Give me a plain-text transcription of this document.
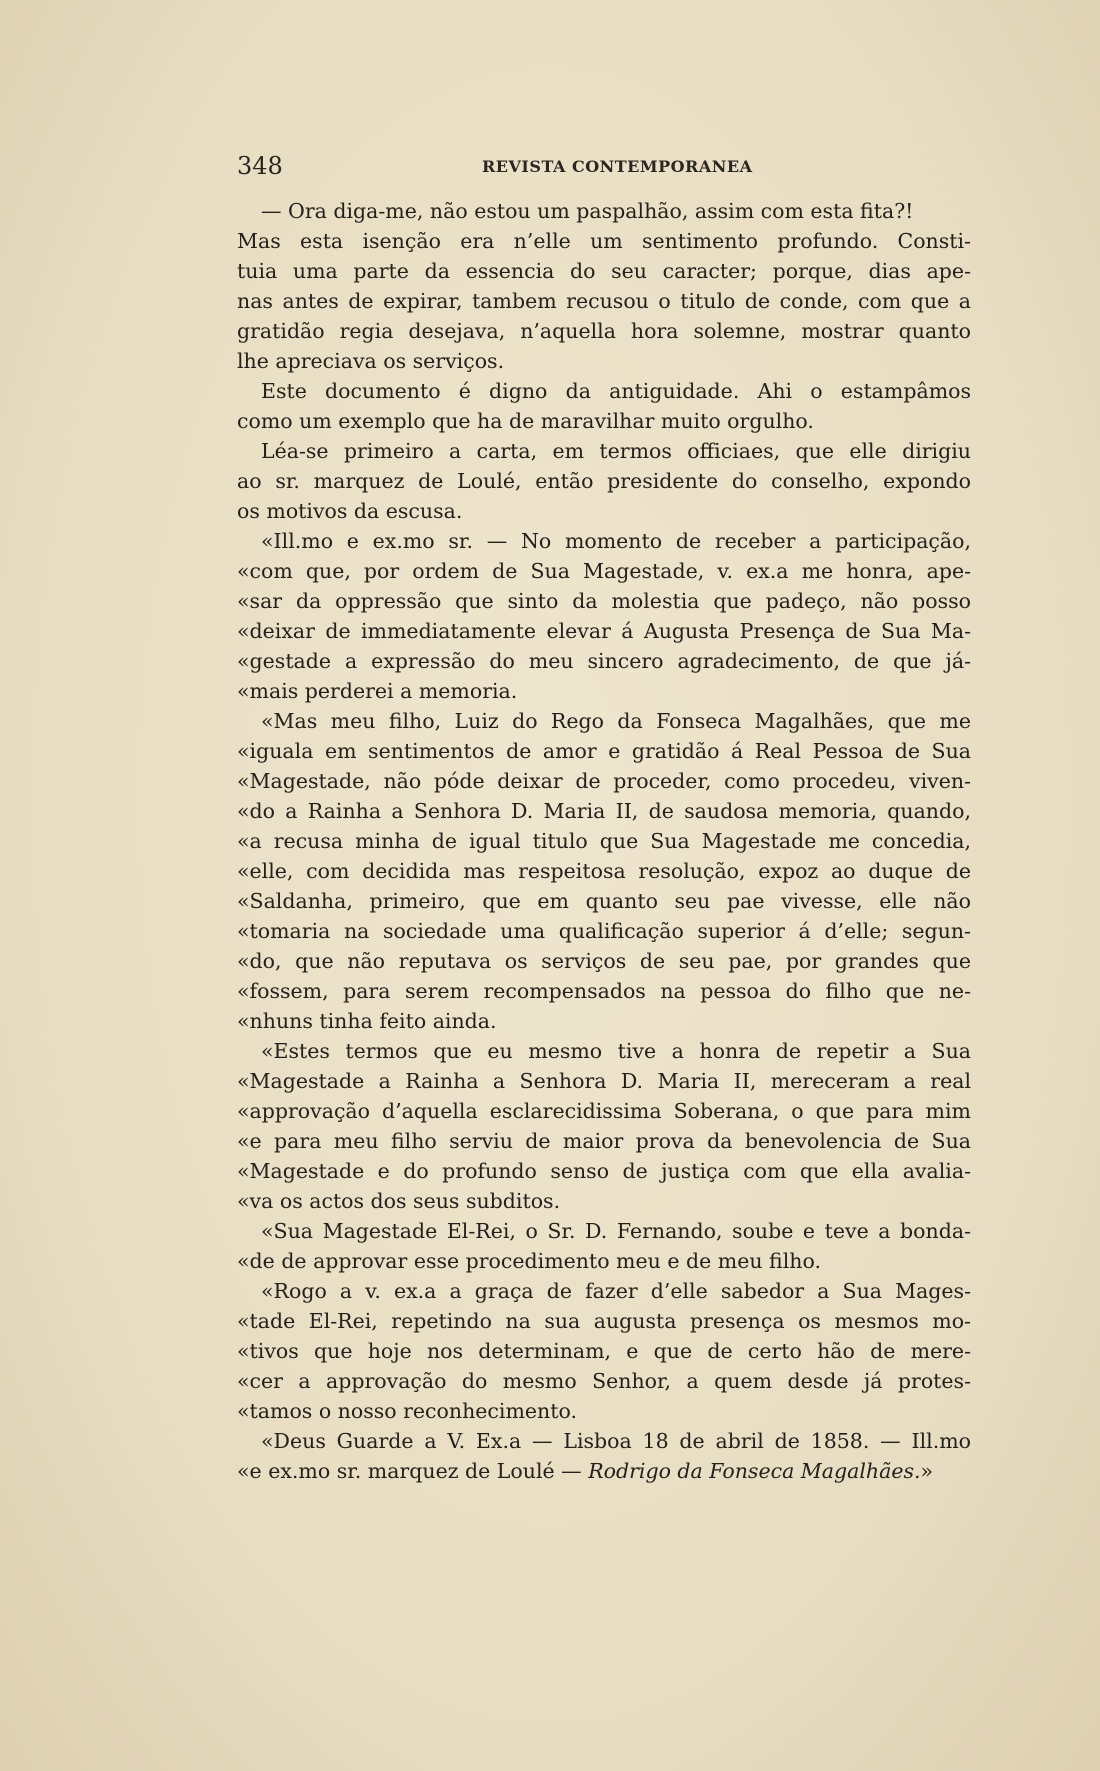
348	REVISTA CONTEMPORANEA
— Ora diga-me, não estou um paspalhão, assim com esta fita?!
Mas esta isenção era n’elle um sentimento profundo. Consti-
tuia uma parte da essencia do seu caracter; porque, dias ape-
nas antes de expirar, tambem recusou o titulo de conde, com que a
gratidão regia desejava, n’aquella hora solemne, mostrar quanto
lhe apreciava os serviços.
Este documento é digno da antiguidade. Ahi o estampâmos
como um exemplo que ha de maravilhar muito orgulho.
Léa-se primeiro a carta, em termos officiaes, que elle dirigiu
ao sr. marquez de Loulé, então presidente do conselho, expondo
os motivos da escusa.
«Ill.mo e ex.mo sr. — No momento de receber a participação,
«com que, por ordem de Sua Magestade, v. ex.a me honra, ape-
«sar da oppressão que sinto da molestia que padeço, não posso
«deixar de immediatamente elevar á Augusta Presença de Sua Ma-
«gestade a expressão do meu sincero agradecimento, de que já-
«mais perderei a memoria.
«Mas meu filho, Luiz do Rego da Fonseca Magalhães, que me
«iguala em sentimentos de amor e gratidão á Real Pessoa de Sua
«Magestade, não póde deixar de proceder, como procedeu, viven-
«do a Rainha a Senhora D. Maria II, de saudosa memoria, quando,
«a recusa minha de igual titulo que Sua Magestade me concedia,
«elle, com decidida mas respeitosa resolução, expoz ao duque de
«Saldanha, primeiro, que em quanto seu pae vivesse, elle não
«tomaria na sociedade uma qualificação superior á d’elle; segun-
«do, que não reputava os serviços de seu pae, por grandes que
«fossem, para serem recompensados na pessoa do filho que ne-
«nhuns tinha feito ainda.
«Estes termos que eu mesmo tive a honra de repetir a Sua
«Magestade a Rainha a Senhora D. Maria II, mereceram a real
«approvação d’aquella esclarecidissima Soberana, o que para mim
«e para meu filho serviu de maior prova da benevolencia de Sua
«Magestade e do profundo senso de justiça com que ella avalia-
«va os actos dos seus subditos.
«Sua Magestade El-Rei, o Sr. D. Fernando, soube e teve a bonda-
«de de approvar esse procedimento meu e de meu filho.
«Rogo a v. ex.a a graça de fazer d’elle sabedor a Sua Mages-
«tade El-Rei, repetindo na sua augusta presença os mesmos mo-
«tivos que hoje nos determinam, e que de certo hão de mere-
«cer a approvação do mesmo Senhor, a quem desde já protes-
«tamos o nosso reconhecimento.
«Deus Guarde a V. Ex.a — Lisboa 18 de abril de 1858. — Ill.mo
«e ex.mo sr. marquez de Loulé — Rodrigo da Fonseca Magalhães.»
